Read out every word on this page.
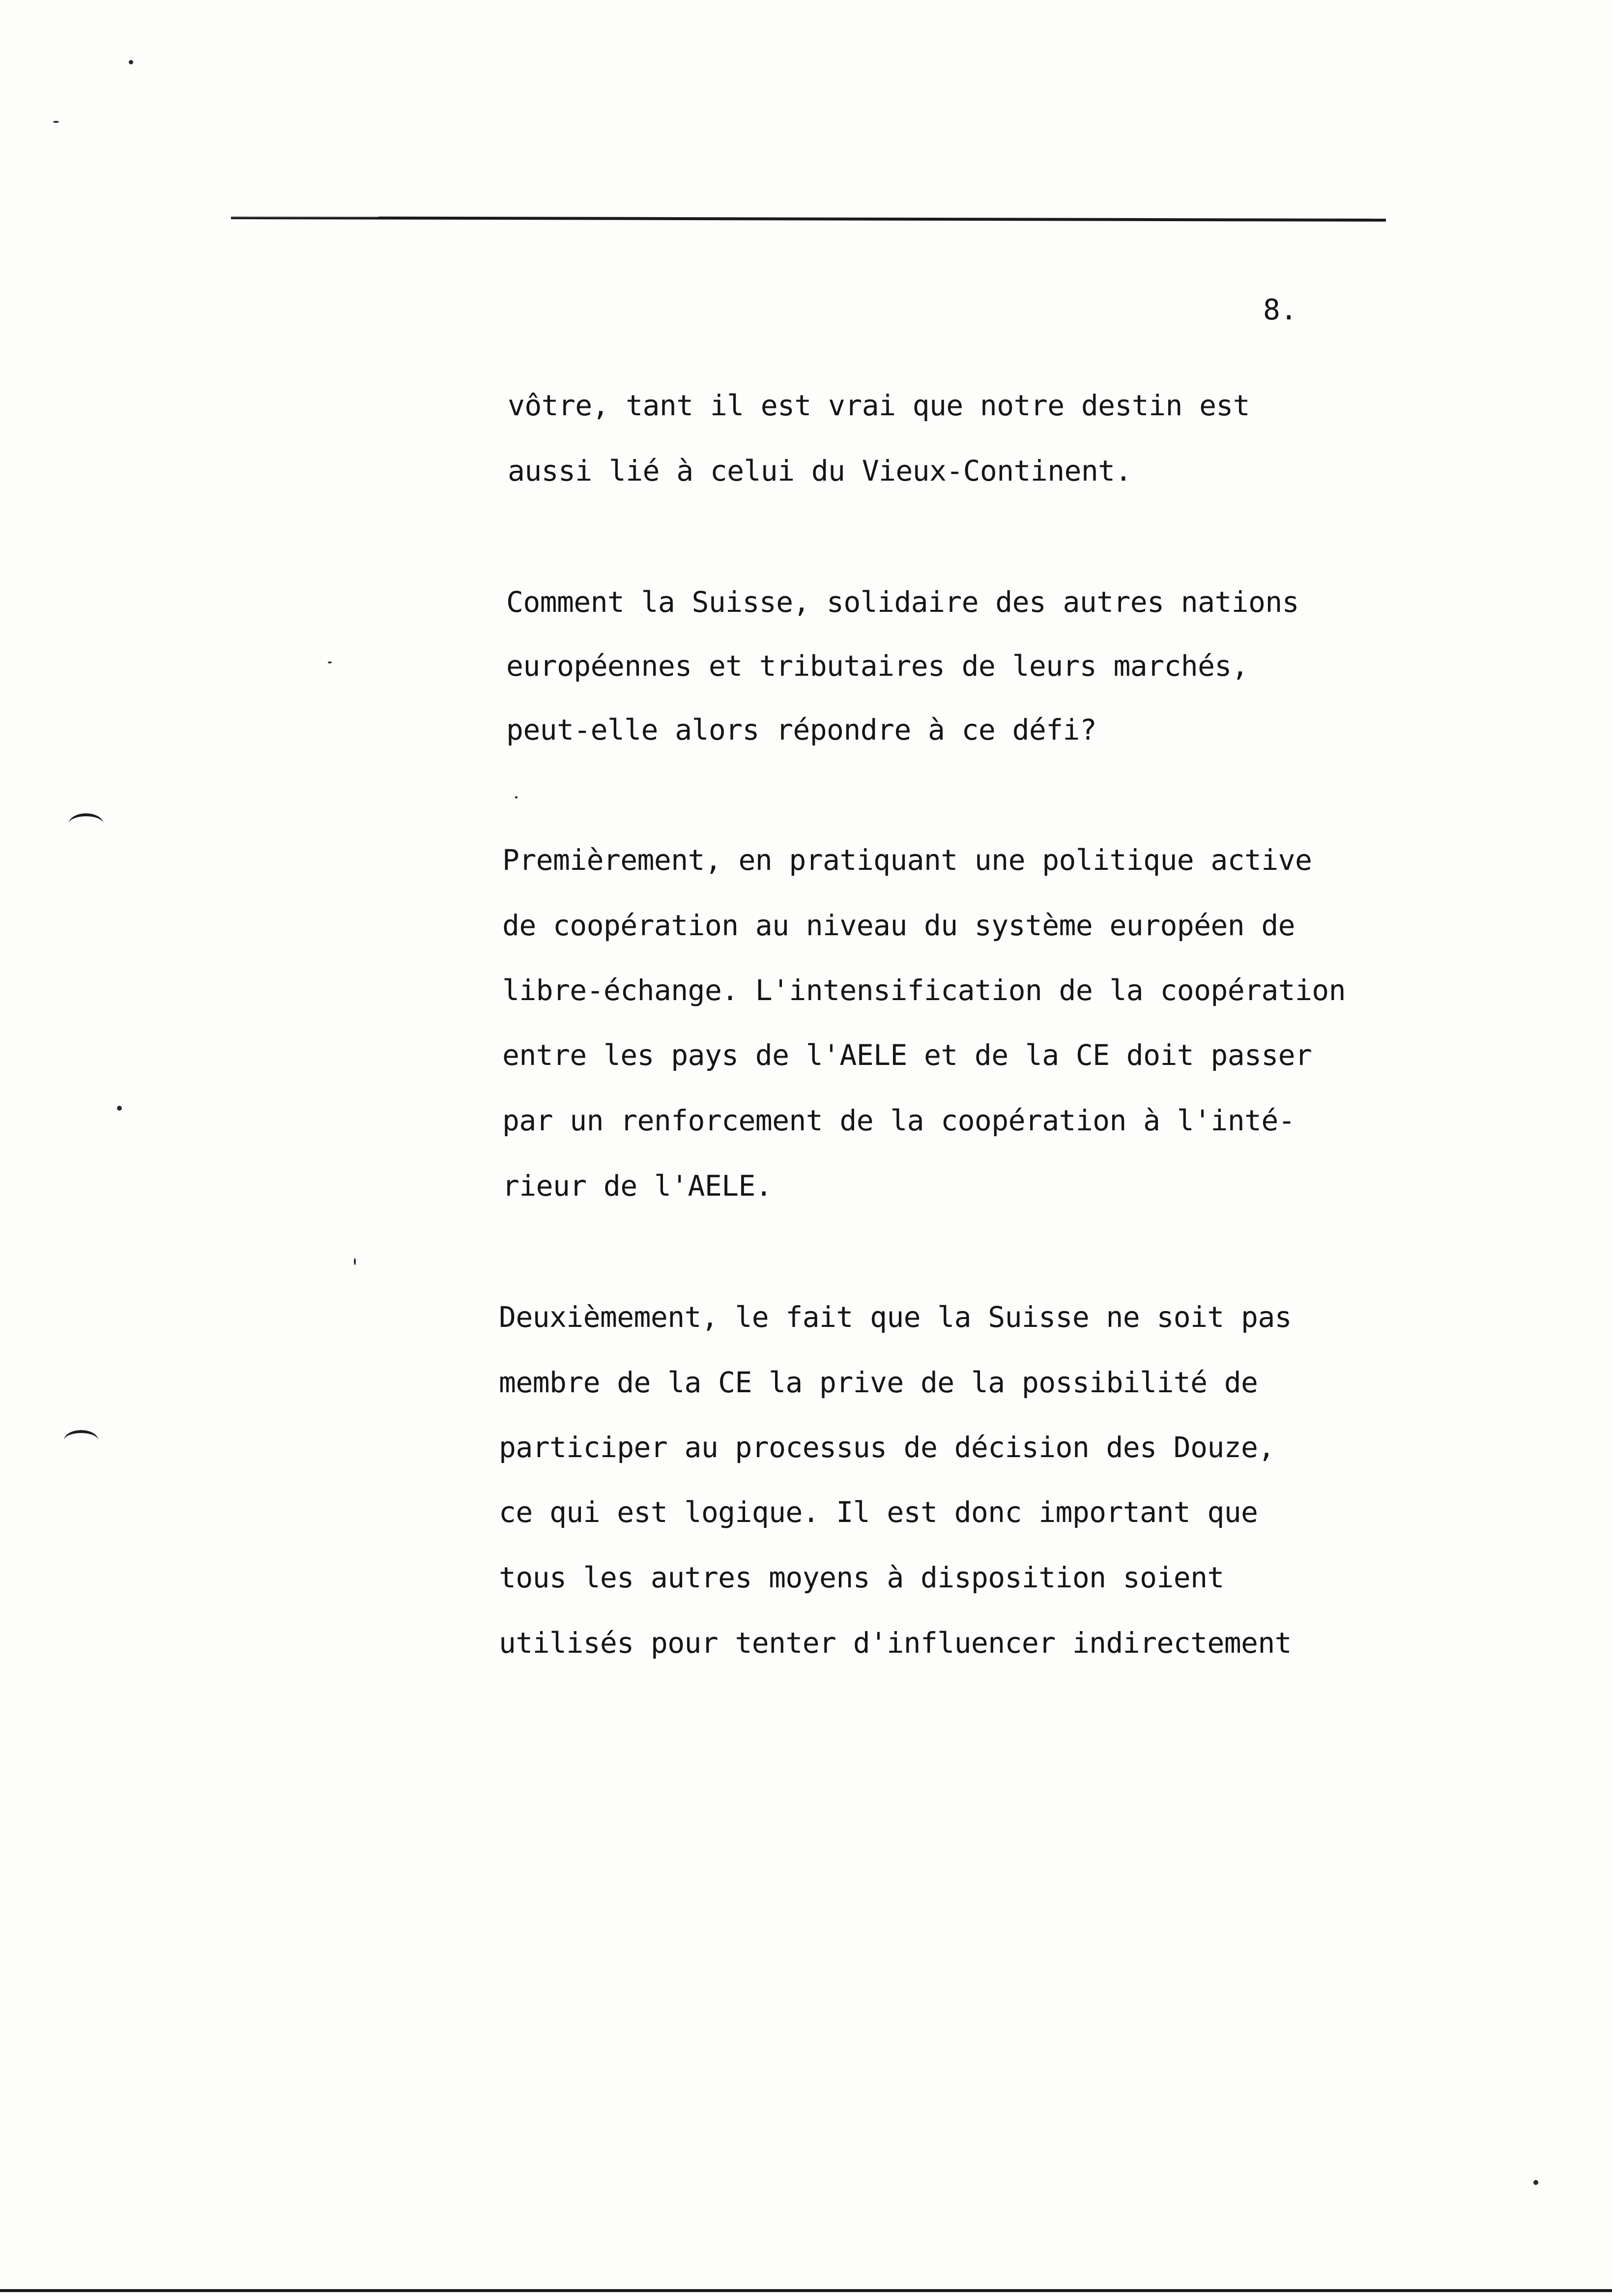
8.
vôtre, tant il est vrai que notre destin est
aussi lié à celui du Vieux-Continent.
Comment la Suisse, solidaire des autres nations
européennes et tributaires de leurs marchés,
peut-elle alors répondre à ce défi?
Premièrement, en pratiquant une politique active
de coopération au niveau du système européen de
libre-échange. L'intensification de la coopération
entre les pays de l'AELE et de la CE doit passer
par un renforcement de la coopération à l'inté-
rieur de l'AELE.
Deuxièmement, le fait que la Suisse ne soit pas
membre de la CE la prive de la possibilité de
participer au processus de décision des Douze,
ce qui est logique. Il est donc important que
tous les autres moyens à disposition soient
utilisés pour tenter d'influencer indirectement
